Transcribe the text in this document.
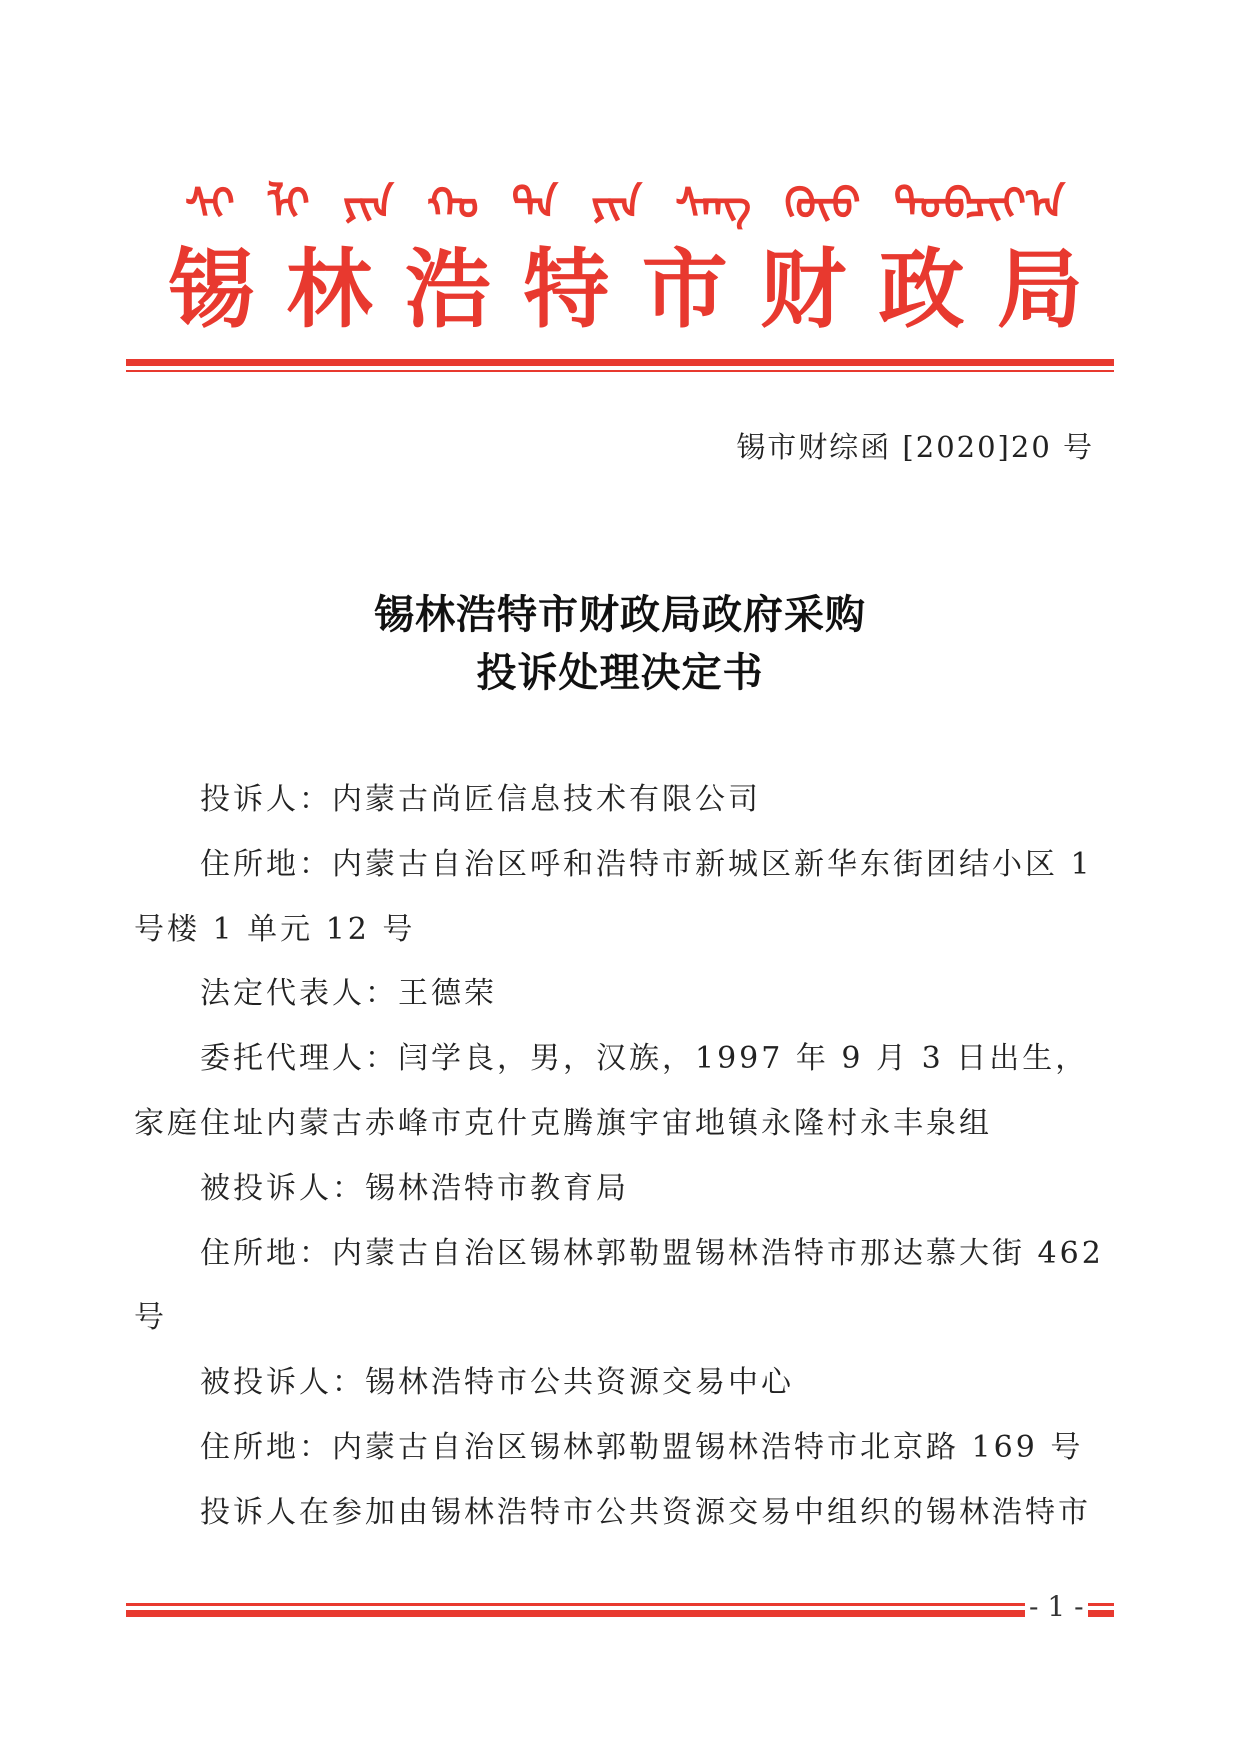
ᠰᠢ ᠯᠢ ᠶᠢᠨ ᠬᠣ ᠲᠠ ᠶᠢᠨ ᠰᠠᠩ ᠬᠦᠦ ᠲᠣᠪᠴᠢᠶ᠎ᠠ
锡 林 浩 特 市 财 政 局
锡市财综函 [2020]20 号
锡林浩特市财政局政府采购
投诉处理决定书

投诉人：内蒙古尚匠信息技术有限公司

住所地：内蒙古自治区呼和浩特市新城区新华东街团结小区 1 号楼 1 单元 12 号

法定代表人：王德荣

委托代理人：闫学良，男，汉族，1997 年 9 月 3 日出生，家庭住址内蒙古赤峰市克什克腾旗宇宙地镇永隆村永丰泉组

被投诉人：锡林浩特市教育局

住所地：内蒙古自治区锡林郭勒盟锡林浩特市那达慕大街 462 号

被投诉人：锡林浩特市公共资源交易中心

住所地：内蒙古自治区锡林郭勒盟锡林浩特市北京路 169 号

投诉人在参加由锡林浩特市公共资源交易中组织的锡林浩特市

- 1 -
